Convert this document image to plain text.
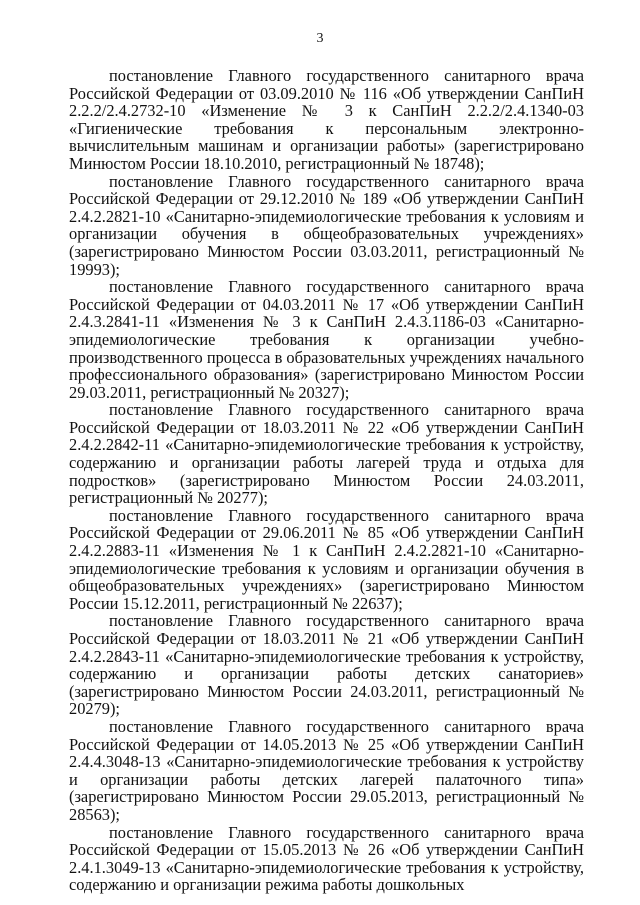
3

постановление Главного государственного санитарного врача Российской Федерации от 03.09.2010 № 116 «Об утверждении СанПиН 2.2.2/2.4.2732-10 «Изменение № 3 к СанПиН 2.2.2/2.4.1340-03 «Гигиенические требования к персональным электронно-вычислительным машинам и организации работы» (зарегистрировано Минюстом России 18.10.2010, регистрационный № 18748);

постановление Главного государственного санитарного врача Российской Федерации от 29.12.2010 № 189 «Об утверждении СанПиН 2.4.2.2821-10 «Санитарно-эпидемиологические требования к условиям и организации обучения в общеобразовательных учреждениях» (зарегистрировано Минюстом России 03.03.2011, регистрационный № 19993);

постановление Главного государственного санитарного врача Российской Федерации от 04.03.2011 № 17 «Об утверждении СанПиН 2.4.3.2841-11 «Изменения № 3 к СанПиН 2.4.3.1186-03 «Санитарно-эпидемиологические требования к организации учебно-производственного процесса в образовательных учреждениях начального профессионального образования» (зарегистрировано Минюстом России 29.03.2011, регистрационный № 20327);

постановление Главного государственного санитарного врача Российской Федерации от 18.03.2011 № 22 «Об утверждении СанПиН 2.4.2.2842-11 «Санитарно-эпидемиологические требования к устройству, содержанию и организации работы лагерей труда и отдыха для подростков» (зарегистрировано Минюстом России 24.03.2011, регистрационный № 20277);

постановление Главного государственного санитарного врача Российской Федерации от 29.06.2011 № 85 «Об утверждении СанПиН 2.4.2.2883-11 «Изменения № 1 к СанПиН 2.4.2.2821-10 «Санитарно-эпидемиологические требования к условиям и организации обучения в общеобразовательных учреждениях» (зарегистрировано Минюстом России 15.12.2011, регистрационный № 22637);

постановление Главного государственного санитарного врача Российской Федерации от 18.03.2011 № 21 «Об утверждении СанПиН 2.4.2.2843-11 «Санитарно-эпидемиологические требования к устройству, содержанию и организации работы детских санаториев» (зарегистрировано Минюстом России 24.03.2011, регистрационный № 20279);

постановление Главного государственного санитарного врача Российской Федерации от 14.05.2013 № 25 «Об утверждении СанПиН 2.4.4.3048-13 «Санитарно-эпидемиологические требования к устройству и организации работы детских лагерей палаточного типа» (зарегистрировано Минюстом России 29.05.2013, регистрационный № 28563);

постановление Главного государственного санитарного врача Российской Федерации от 15.05.2013 № 26 «Об утверждении СанПиН 2.4.1.3049-13 «Санитарно-эпидемиологические требования к устройству, содержанию и организации режима работы дошкольных
